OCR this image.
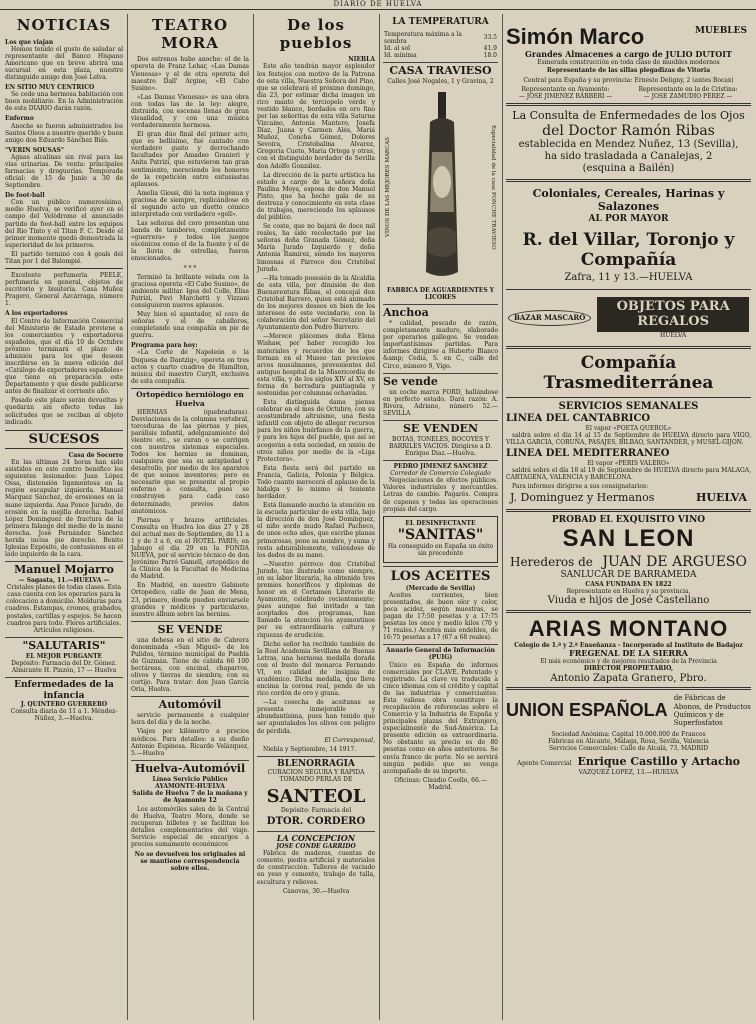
DIARIO DE HUELVA
NOTICIAS
Los que viajan

Hemos tenido el gusto de saludar al representante del Banco Hispano Americano que en breve abrirá una sucursal en esta plaza, nuestro distinguido amigo don José Lelva.

EN SITIO MUY CENTRICO

Se cede una hermosa habitación con buen mobiliario. En la Administración de este DIARIO darán razón.

Enfermo

Anoche se fueron administrados los Santos Oleos a nuestro querido y buen amigo don Eduardo Sánchez Biás.

"VERIN SOUSAS"

Aguas alcalinas sin rival para las vías urinarias. De venta: principales farmacias y droguerías. Temporada oficial: de 15 de Junio a 30 de Septiembre.

De foot-ball

Con un público numerosísimo, medio Huelva, se verificó ayer en el campo del Velódromo el anunciado partido de foot-ball entre los equipos del Rio Tinto y el Titan F. C. Desde el primer momento quedó demostrada la superioridad de los primeros.

El partido terminó con 4 goals del Titan por 1 del Balompié.

Excelente perfumería PEELE, perfumería en general, objetos de escritorio y bisutería. Casa Muñoz Pragero, General Azcárraga, número 1.

A los exportadores

El Centro de Información Comercial del Ministerio de Estado previene a los comerciantes y exportadores españoles, que el día 10 de Octubre próximo terminará el plazo de admisión para los que deseen inscribirse en la nueva edición del «Catálogo de exportadores españoles» que tiene en preparación este Departamento y que desde publicarse antes de finalizar el corriente año.

Pasado este plazo serán devueltas y quedarán sin efecto todas las solicitudes que se reciban al objeto indicado.

SUCESOS
Casa de Socorro

En las últimas 24 horas han sido asistidos en este centro benéfico los siguientes lesionados: Juan López Ossa, distensión ligamentosa en la región escapular izquierda. Manuel Marquez Sánchez, de erosiones en la mano izquierda. Ana Ponce Jurado, de erosión en la mejilla derecha. Isabel López Domínguez de fractura de la primera falange del medio de la mano derecha. José Pernández Sánchez herida incisa pie derecho. Benito Iglesias Expósito, de contusiones en el lado izquierdo de la cara.

Manuel Mojarro
— Sagasta, 11.—HUELVA —

Cristales planos de todas clases. Esta casa cuenta con los operarios para la colocación a domicilio. Molduras para cuadros. Estampas, cromos, grabados, postales, cartillas y espejos. Se hacen cuadros para todo. Flores artificiales. Artículos religiosos.

"SALUTARIS"
EL MEJOR PURGANTE

Depósito: Farmacia del Dr. Gómez. Almirante H. Pinzón, 17 — Huelva

Enfermedades de la infancia
J. QUINTERO GUERRERO

Consulta diaria de 11 a 1. Méndez-Núñez, 3.—Huelva.

TEATRO MORA

Dos estrenos hubo anoche: el de la opereta de Franz Lehar, «Las Damas Vienesas» y el de otra opereta del maestro Dall' Argine, «El Cabo Susino».

«Las Damas Vienesas» es una obra con todas las de la ley: alegre, distraída, con escenas llenas de gran visualidad, y con una música verdaderamente hermosa.

El gran dúo final del primer acto, que es bellísimo, fué cantado con verdadero gusto y derrochando facultades por Amadeo Granieri y Anita Patrizi, que estuvieron tan gran sentimiento, mereciendo los honores de la repetición entre entusiastas aplausos.

Amelia Giossi, dió la nota ingénua y graciosa de siempre, replicándose en el segundo acto un duetto cómico interpretado con verdadero «gell».

Las señoras del coro presentan una banda de tambores, completamente «guerrera» y todos los juegos escénicos como el de la fuente y el de la lluvia de estrellas, fueron emocionados.

* * *

Terminó la brillante velada con la graciosa opereta «El Cabo Susino», de ambiente militar. Igea del Colle, Elisa Patrizi, Pavi Marchetti y Vizzani consiguieron nuevos aplausos.

Muy bien el apuntador, el coro de señoras y el de caballeros, completando una compañía en pie de guerra.

Programa para hoy:

«La Corte de Napoleón o la Duquesa de Dantzig», opereta en tres actos y cuarto cuadros de Hamilton, música del maestro Curylt, exclusiva de esta compañía.

Ortopédico herniólogo en Huelva

HERNIAS (quebraduras). Desviaciones de la columna vertebral, torceduras de las piernas y pies, parálisis infantil, adelgazamiento del vientre etc., se curan o se corrigen con nuestros sistemas especiales. Todos los hernias se dominan, cualquiera que sea su antigüedad y desarrollo, por medio de los aparatos de que somos inventores; pero es necesario que se presente al propio enfermo a consulta, pues se construyen para cada caso determinado, previos datos anatómicos.

Piernas y brazos artificiales. Consulta en Huelva los días 27 y 28 del actual mes de Septiembre, de 11 a 1 y de 3 a 6, en el HOTEL PARIS; en Jabugo el día 29 en la FONDA NUEVA, por el servicio técnico de don Jerónimo Parró Gamell, ortopédico de la Clínica de la Facultad de Medicina de Madrid.

En Madrid, en nuestro Gabinete Ortopédico, calle de Juan de Mena, 23, primero, donde pueden enviarsele grandes y médicos y particulares, nuestro álbum sobre las hernias.

SE VENDE

una dehesa en el sitio de Cabrera denominada «San Miguel» de los Pulidos, término municipal de Puebla de Guzmán. Tiene de cabida 66 100 hectáreas, con encinal, chaparros, olivos y tierras de siembra; con su cortijo. Para tratar: don Juan García Oria, Huelva.

Automóvil

servicio permanente a cualquier hora del día y de la noche.

Viajes por kilómetro a precios módicos. Para detalles: a su dueño Antonio Espinosa. Ricardo Velázquez, 5.—Huelva

Huelva-Automóvil
Línea Servicio Público
AYAMONTE-HUELVA

Salida de Huelva 7 de la mañana y de Ayamonte 12

Los automóviles salen de la Central de Huelva, Teatro Mora, donde se recuperan billetes y se facilitan los detalles complementarios del viaje. Servicio especial de encargos a precios sumamente económicos

No se devuelven los originales ni se mantiene correspondencia sobre ellos.

De los pueblos
NIEBLA

Este año tendrán mayor esplendor los festejos con motivo de la Patrona de esta villa, Nuestra Señora del Pino, que se celebrará el próximo domingo, día 23, por estimar dicha imagen un rico manto de terciopelo verde y vestido blanco, bordados en oro fino por las señoritas de esta villa Saturna Vizcaíno, Antonia Mantero, Josefa Díaz, Juana y Carmen Alés, Mariá Muñoz, Concha Gómez, Dolores Sevoira, Cristobalina Alvarez, Gregoria Cueto, María Ortega y otras, con el distinguido bordador de Sevilla don Adolfo González.

La dirección de la parte artística ha estado a cargo de la señora doña Paulina Moya, esposa de don Manuel Pinto, que ha hecho gala de su destreza y conocimiento en esta clase de trabajos, mereciendo los aplausos del público.

Se coste, que no bajará de doce mil reales, ha sido recolectado por las señoras doña Granada Gómez, doña María Jurado Izquierdo y doña Antonia Ramírez, siendo los mayores limosnas el Párroco don Cristóbal Jurado.

—Ha tomado posesión de la Alcaldía de esta villa, por dimisión de don Buenaventura Ribas, el concejal don Cristóbal Barrero, quien está animado de los mejores deseos en bien de los intereses de este vecindario, con la colaboración del señor Secretario del Ayuntamiento don Pedro Barrero.

—Merece plácemes doña Elena Wishaw, por haber recogido los materiales y recuerdos de los que forman en el Museo tan preciosos arcos musulmanes, provenientes del antiguo hospital de la Misericordia de esta villa, y de los siglos XIV al XV, en forma de herradura puntiaguda y sostenidas por columnas ochavadas.

Esta distinguida dama piensa celebrar en el mes de Octubre, con su acostumbrado altruismo, una fiesta infantil con objeto de allegar recursos para los niños huérfanos de la guerra, y para los hijos del pueblo, que así se acogerán a esta sociedad, en unión de otros niños por medio de la «Liga Protectora».

Esta fiesta será del partido en Francia, Galicia, Polonia y Bélgica. Todo cuanto merecerá el aplauso de la hidalga y lo mismo el teniente bordador.

Está llamando mucho la atención en la escuela particular de esta villa, bajo la dirección de don José Domínguez, el niño sordo mudo Rafael Pacheco, de unos ocho años, que escribe planas primorosas, pone su nombre, y suma y resta admirablemente, valiéndose de los dedos de su mano.

—Nuestro pérroco don Cristóbal Jurado, tan ilustrado como siempre, en su labor literaria, ha obtenido tres premios honoríficos y diplomas de honor en el Certamen Literario de Ayamonte, celebrado recientemente; pues aunque fué invitado a tan aceptados dos programas, han llamado la atención los ayamontinos por su extraordinaria cultura y riquezas de erudición.

Dicho señor ha recibido también de la Real Academia Sevillana de Buenas Letras, una hermosa medalla dorada con el busto del monarca Fernando VI, en calidad de insignia de académico. Dicha medalla, que lleva encima la corona real, pende de un rico cordón de oro y grana.

—La cosecha de aceitunas se presenta inmejorable y abundantísima, pues han tenido que ser apuntalados los olivos con peligro de pérdida.

El Corresponsal,

Niebla y Septiembre, 14 1917.

BLENORRAGIA

CURACION SEGURA Y RAPIDA TOMANDO PERLAS DE

SANTEOL

Depósito: Farmacia del

DTOR. CORDERO
LA CONCEPCION
JOSE CONDE GARRIDO

Fábrica de maderas, cuentas de comento, piedra artificial y materiales de construcción. Talleres de vaciado en yeso y cemento, trabajo de talla, escultura y relieves.

Cánovas, 30.—Huelva

LA TEMPERATURA
Temperatura máxima a la sombra	33.5
Id. al sol	41.9
Id. mínima	18.0
CASA TRAVIESO

Calles José Nogales, 1 y Gravina, 2

VINOS DE LAS MEJORES MARCAS	Especialidad de la casa PONCHE TRAVIESO

FABRICA DE AGUARDIENTES Y LICORES

Anchoa

* calidad, pescado de razón, completamente maduro, elaborado por operarios gallegos. Se venden importantísimas partidas. Para informes dirigirse a Huberto Blanco &amp; Cedía, S. en C., calle del Circo, número 9, Vigo.

Se vende

un coche marca FORD, hallándose en perfecto estado. Dará razón: A. Rivera, Adriano, número 52.—SEVILLA

SE VENDEN

BOTAS, TONELES, BOCOYES Y BARRILES VACIOS. Dirigirse a D. Enrique Diaz.—Huelva.

PEDRO JIMENEZ SANCHEZ
Corredor de Comercio Colegiado

Negociaciones de efectos públicos. Valores industriales y mercantiles. Letras de cambio. Pagarés. Compra de cupones y todas las operaciones propias del cargo.

EL DESINFECTANTE
"SANITAS"

Ha conseguido en España un éxito sin precedente

LOS ACEITES
(Mercado de Sevilla)

Aceites corrientes, bien presentados, de buen olor y color, poca acidez, según muestras, se pagan de 17:50 pesetas y a 17:75 pesetas los once y medio kilos (70 y 71 reales.) Aceites más endebles, de 16:75 pesetas a 17 (67 a 68 reales).

Anuario General de Información
(PUIG)

Único en España de informes comerciales por CLAVE. Patentado y registrado. La clave va traducida a cinco idiomas con el crédito y capital de las industrias y comerciantes. Esta valiosa obra constituye la recopilación de referencias sobre el Comercio y la Industria de España y principales plazas del Extranjero, especialmente de Sud-América. La presente edición es extraordinaria. No obstante su precio es de 80 pesetas como en años anteriores. Se envía franco de porte. No se servirá ningún pedido que no venga acompañado de su importe.

Oficinas: Claudio Coello, 66.—Madrid.

Simón Marco	MUEBLES
Grandes Almacenes a cargo de JULIO DUTOIT
Esmerada construcción en toda clase de muebles modernos
Representante de las sillas plegadizas de Vitoria
Central para España y su provincia: Ernesto Deligny, 2 (antes Bocax)
Representante en Ayamonte:	Representante en la de Cristina:
— JOSE JIMENEZ BARBERI —	— JOSE ZAMUDIO PEREZ —
La Consulta de Enfermedades de los Ojos
del Doctor Ramón Ribas
establecida en Mendez Nuñez, 13 (Sevilla),
ha sido trasladada a Canalejas, 2
(esquina a Bailén)
Coloniales, Cereales, Harinas y Salazones
AL POR MAYOR
R. del Villar, Toronjo y Compañía
Zafra, 11 y 13.—HUELVA
BAZAR MASCARÓ
OBJETOS PARA REGALOS
HUELVA
Compañía Trasmediterránea
SERVICIOS SEMANALES
LINEA DEL CANTABRICO
El vapor «POETA QUEROL»

saldrá sobre el día 14 al 15 de Septiembre de HUELVA directo para VIGO, VILLA GARCIA, CORUÑA, PASAJES, BILBAO, SANTANDER, y MUSEL-GIJON.

LINEA DEL MEDITERRANEO
El vapor «PERIS VALERO»

saldrá sobre el día 18 al 19 de Septiembre de HUELVA directo para MALAGA, CARTAGENA, VALENCIA y BARCELONA.

Para informes dirigirse a sus consignatarios:

J. Dominguez y Hermanos	HUELVA
PROBAD EL EXQUISITO VINO
SAN LEON
Herederos de JUAN DE ARGUESO
SANLUCAR DE BARRAMEDA
CASA FUNDADA EN 1822
Representante en Huelva y su provincia,
Viuda e hijos de José Castellano
ARIAS MONTANO
Colegio de 1.ª y 2.ª Enseñanza - Incorporado al Instituto de Badajoz
FREGENAL DE LA SIERRA
El más económico y de mejores resultados de la Provincia
DIRECTOR PROPIETARIO,
Antonio Zapata Granero, Pbro.
UNION ESPAÑOLA
de Fábricas de Abonos, de Productos Químicos y de Superfosfatos
Sociedad Anónima: Capital 10.000.000 de Francos
Fábricas en Alicante, Málaga, Rosa, Sevilla, Valencia
Servicios Comerciales: Calle de Alcalá, 73, MADRID
Agente Comercial Enrique Castillo y Artacho
VAZQUEZ LOPEZ, 13.—HUELVA
